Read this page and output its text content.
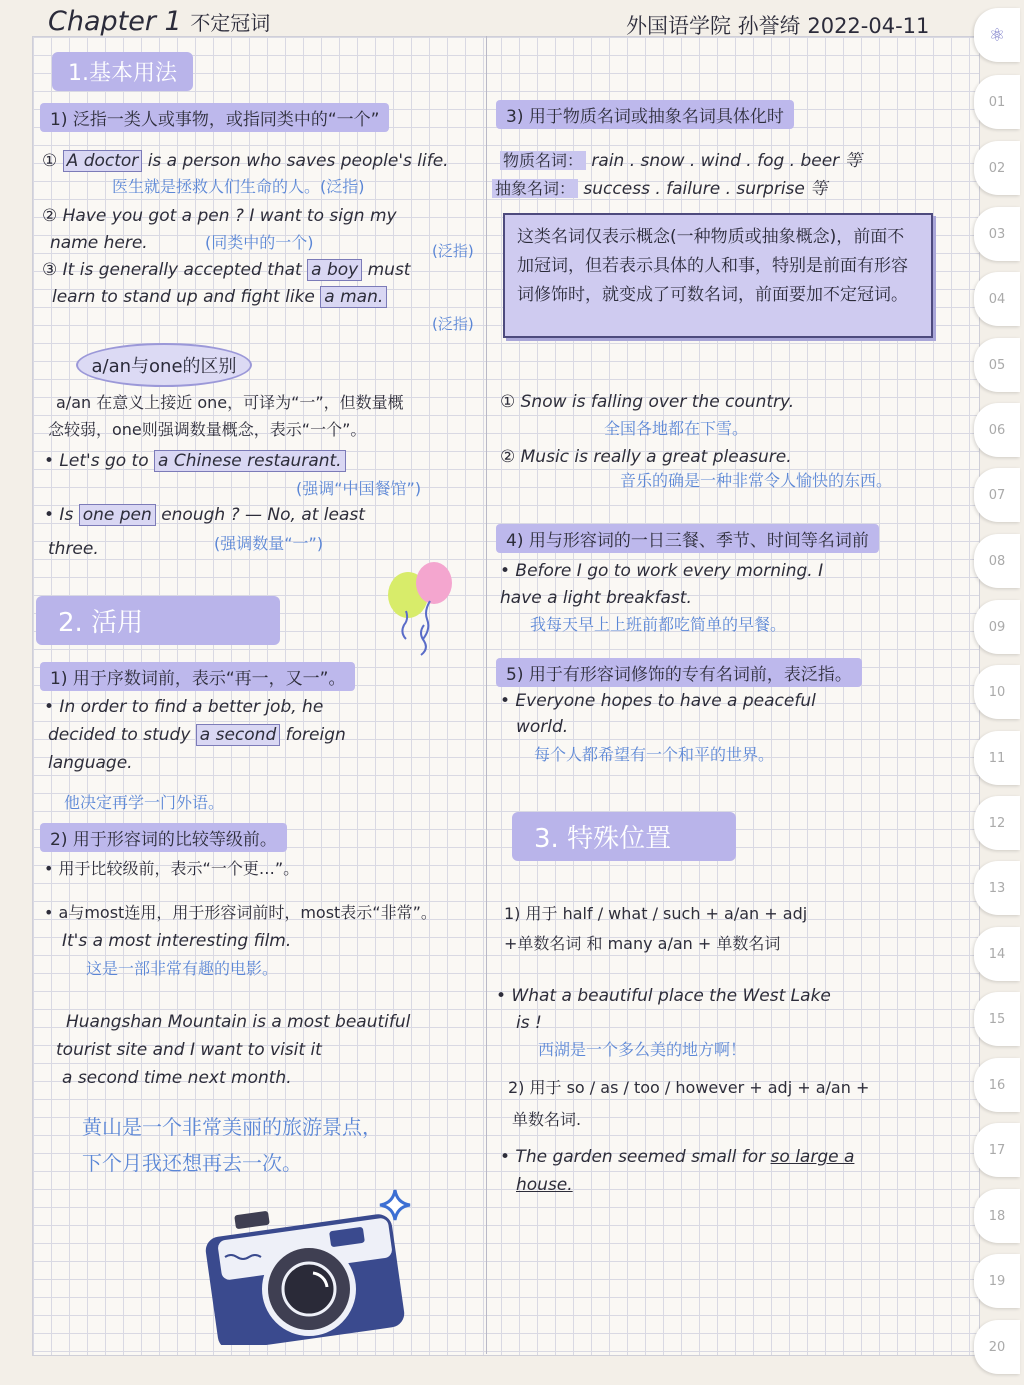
Chapter 1 不定冠词	外国语学院 孙誉绮 2022-04-11
1.基本用法
1) 泛指一类人或事物，或指同类中的“一个”
① A doctor is a person who saves people's life.
医生就是拯救人们生命的人。(泛指)
② Have you got a pen ? I want to sign my
name here.	(同类中的一个)	(泛指)
③ It is generally accepted that a boy must
learn to stand up and fight like a man.
(泛指)
a/an与one的区别
a/an 在意义上接近 one，可译为“一”，但数量概
念较弱，one则强调数量概念，表示“一个”。
• Let's go to a Chinese restaurant.
(强调“中国餐馆”)
• Is one pen enough ? — No, at least
three.	(强调数量“一”)
2. 活用
1) 用于序数词前，表示“再一，又一”。
• In order to find a better job, he
decided to study a second foreign
language.
他决定再学一门外语。
2) 用于形容词的比较等级前。
• 用于比较级前，表示“一个更…”。
• a与most连用，用于形容词前时，most表示“非常”。
It's a most interesting film.
这是一部非常有趣的电影。
Huangshan Mountain is a most beautiful
tourist site and I want to visit it
a second time next month.
黄山是一个非常美丽的旅游景点，
下个月我还想再去一次。
3) 用于物质名词或抽象名词具体化时
物质名词： rain . snow . wind . fog . beer 等
抽象名词： success . failure . surprise 等
这类名词仅表示概念(一种物质或抽象概念)，前面不加冠词，但若表示具体的人和事，特别是前面有形容词修饰时，就变成了可数名词，前面要加不定冠词。
① Snow is falling over the country.
全国各地都在下雪。
② Music is really a great pleasure.
音乐的确是一种非常令人愉快的东西。
4) 用与形容词的一日三餐、季节、时间等名词前
• Before I go to work every morning. I
have a light breakfast.
我每天早上上班前都吃简单的早餐。
5) 用于有形容词修饰的专有名词前，表泛指。
• Everyone hopes to have a peaceful
world.
每个人都希望有一个和平的世界。
3. 特殊位置
1) 用于 half / what / such + a/an + adj
+单数名词 和 many a/an + 单数名词
• What a beautiful place the West Lake
is !
西湖是一个多么美的地方啊！
2) 用于 so / as / too / however + adj + a/an +
单数名词.
• The garden seemed small for so large a
house.
⚛
01
02
03
04
05
06
07
08
09
10
11
12
13
14
15
16
17
18
19
20
